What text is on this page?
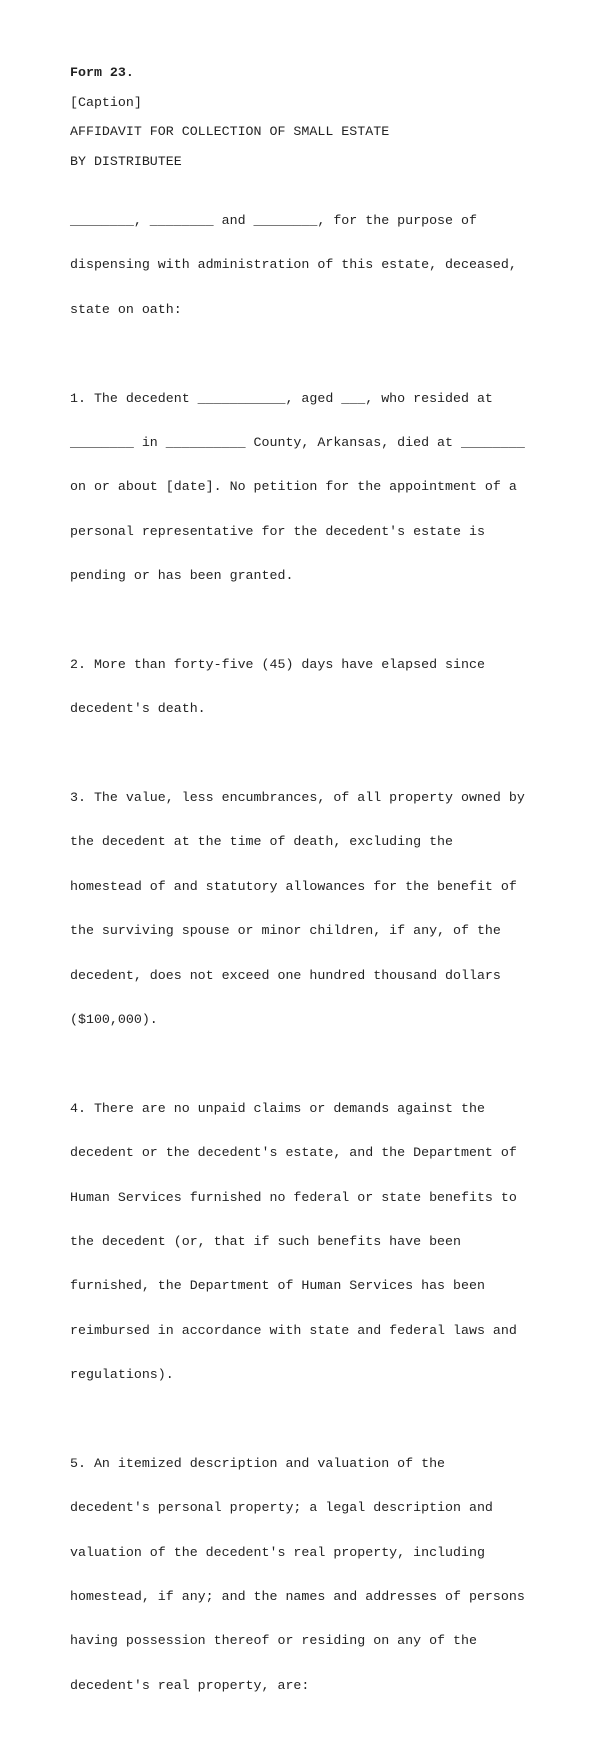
Form 23.
[Caption]
AFFIDAVIT FOR COLLECTION OF SMALL ESTATE
BY DISTRIBUTEE

________, ________ and ________, for the purpose of

dispensing with administration of this estate, deceased,

state on oath:

1. The decedent ___________, aged ___, who resided at

________ in __________ County, Arkansas, died at ________

on or about [date]. No petition for the appointment of a

personal representative for the decedent's estate is

pending or has been granted.

2. More than forty-five (45) days have elapsed since

decedent's death.

3. The value, less encumbrances, of all property owned by

the decedent at the time of death, excluding the

homestead of and statutory allowances for the benefit of

the surviving spouse or minor children, if any, of the

decedent, does not exceed one hundred thousand dollars

($100,000).

4. There are no unpaid claims or demands against the

decedent or the decedent's estate, and the Department of

Human Services furnished no federal or state benefits to

the decedent (or, that if such benefits have been

furnished, the Department of Human Services has been

reimbursed in accordance with state and federal laws and

regulations).

5. An itemized description and valuation of the

decedent's personal property; a legal description and

valuation of the decedent's real property, including

homestead, if any; and the names and addresses of persons

having possession thereof or residing on any of the

decedent's real property, are:
